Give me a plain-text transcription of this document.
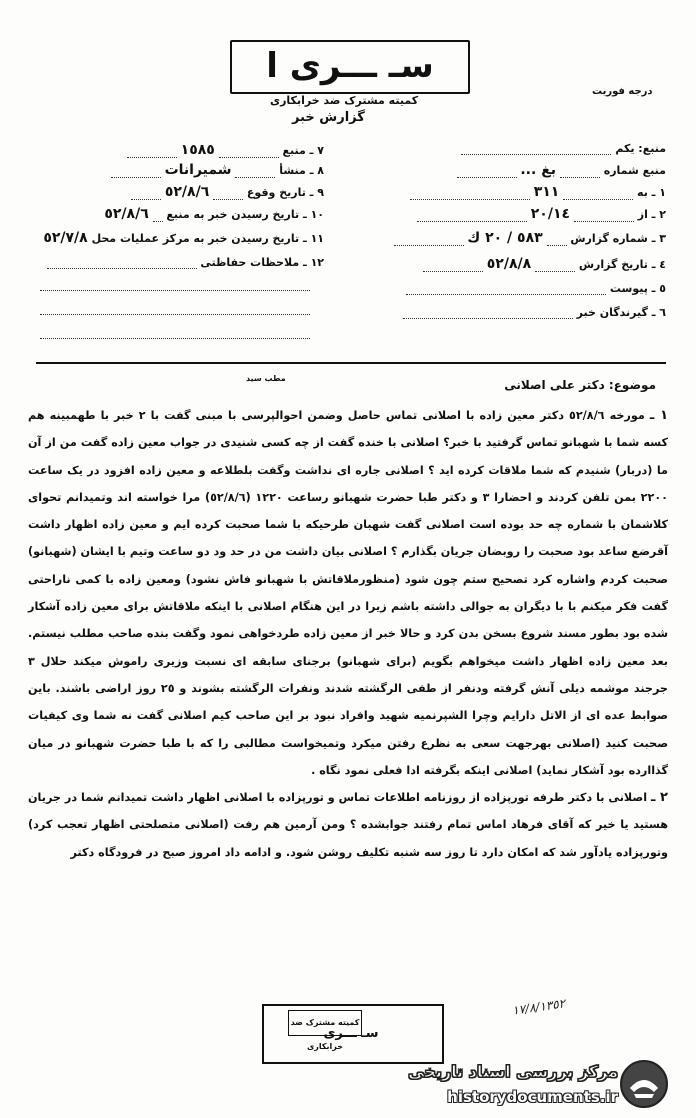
سـ ـــری ا
درجه فوریت
کمیته مشترک ضد خرابکاری
گزارش خبر
منبع: یکم
منبع شماره  بغ ...
١ ـ به  ٣١١
٢ ـ از  ٢٠/١٤
٣ ـ شماره گزارش  ٥٨٣ / ٢٠ ك
٤ ـ تاریخ گزارش  ٥٢/٨/٨
٥ ـ پیوست
٦ ـ گیرندگان خبر
٧ ـ منبع  ١٥٨٥
٨ ـ منشأ  شمیرانات
٩ ـ تاریخ وقوع  ٥٢/٨/٦
١٠ ـ تاریخ رسیدن خبر به منبع  ٥٢/٨/٦
١١ ـ تاریخ رسیدن خبر به مرکز عملیات محل ٥٢/٧/٨
١٢ ـ ملاحظات حفاظتی
موضوع: دکتر علی اصلانی
مطب سید

١ ـ مورخه ٥٢/٨/٦ دکتر معین زاده با اصلانی تماس حاصل وضمن احوالپرسی با مبنی گفت با ٢ خبر با طهمبینه هم کسه شما با شهبانو تماس گرفتید با خبر؟ اصلانی با خنده گفت از چه کسی شنیدی در جواب معین زاده گفت من از آن ما (دربار) شنیدم که شما ملاقات کرده اید ؟ اصلانی جاره ای نداشت وگفت بلطلاعه و معین زاده افزود در یک ساعت ٢٢٠٠ بمن تلفن کردند و احضارا ٣ و دکتر طبا حضرت شهبانو رساعت ١٢٢٠ (٥٢/٨/٦) مرا خواسته اند وتمیدانم تحوای کلاشمان با شماره چه حد بوده است اصلانی گفت شهبان طرحیکه با شما صحبت کرده ایم و معین زاده اظهار داشت آقرضع ساعد بود صحبت را روبضان جریان بگذارم ؟ اصلانی بیان داشت من در حد ود دو ساعت وتیم با ایشان (شهبانو) صحبت کردم واشاره کرد تصحیح ستم چون شود (منظورملاقاتش با شهبانو فاش نشود) ومعین زاده با کمی ناراحتی گفت فکر میکنم با با دیگران به جوالی داشته باشم زیرا در این هنگام اصلانی با اینکه ملاقاتش برای معین زاده آشکار شده بود بطور مسند شروع بسخن بدن کرد و حالا خبر از معین زاده طردخواهی نمود وگفت بنده صاحب مطلب نیستم. بعد معین زاده اظهار داشت میخواهم بگویم (برای شهبانو) برجنای سابقه ای نسبت وزیری راموش میکند حلال ٣ جرجند موشمه دیلی آنش گرفته ودنفر از طفی الرگشته شدند ونفرات الرگشته بشوند و ٢٥ روز اراضی باشند. باین صوابط عده ای از الاتل دارایم وچرا الشپرنمیه شهید وافراد نبود بر این صاحب کیم اصلانی گفت نه شما وی کیفیات صحبت کنید (اصلانی بهرجهت سعی به نظرع رفتن میکرد وتمیخواست مطالبی را که با طبا حضرت شهبانو در میان گذاارده بود آشکار نماید) اصلانی اینکه بگرفته ادا فعلی نمود نگاه .

٢ ـ اصلانی با دکتر طرفه تورپزاده از روزنامه اطلاعات تماس و تورپزاده با اصلانی اظهار داشت تمیدانم شما در جریان هستید یا خیر که آقای فرهاد اماس تمام رفتند جوابشده ؟ ومن آرمین هم رفت (اصلانی متصلحتی اظهار تعجب کرد) وتورپزاده یادآور شد که امکان دارد تا روز سه شنبه تکلیف روشن شود. و ادامه داد امروز صبح در فرودگاه دکتر

کمیته مشترک ضد خرابکاری
سـ ـــرى
١٧/٨/١٣٥٢
مرکز بررسی اسناد تاریخی
historydocuments.ir
